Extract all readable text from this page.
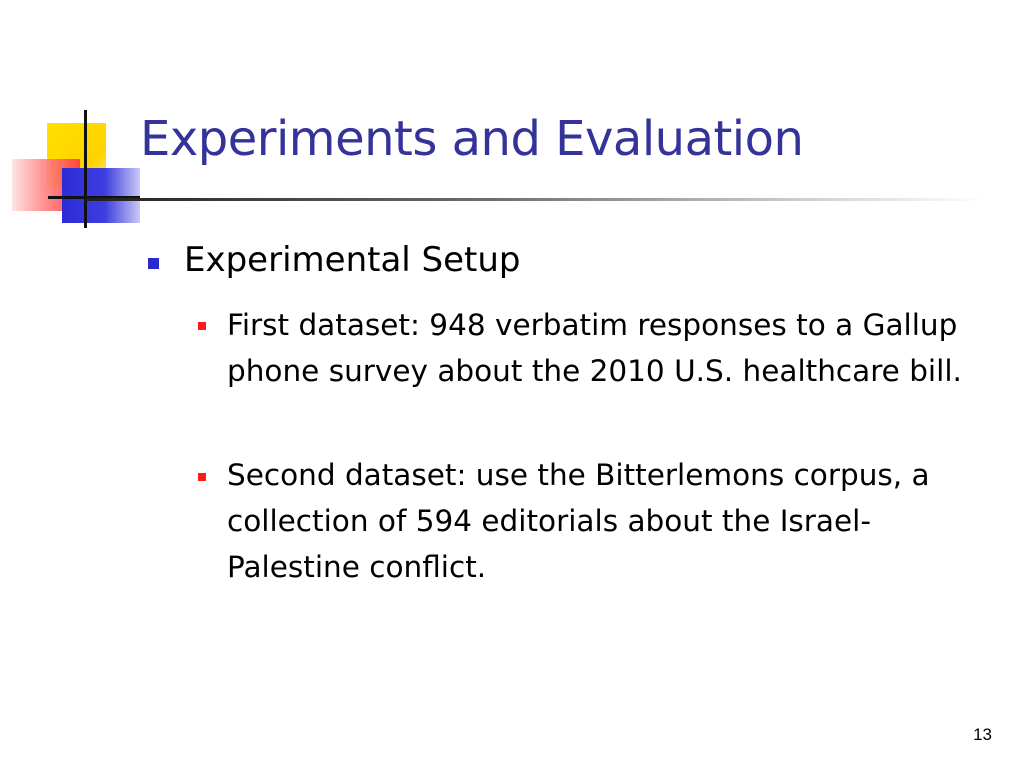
Experiments and Evaluation

Experimental Setup

First dataset: 948 verbatim responses to a Gallup phone survey about the 2010 U.S. healthcare bill.

Second dataset: use the Bitterlemons corpus, a collection of 594 editorials about the Israel-Palestine conflict.

13
